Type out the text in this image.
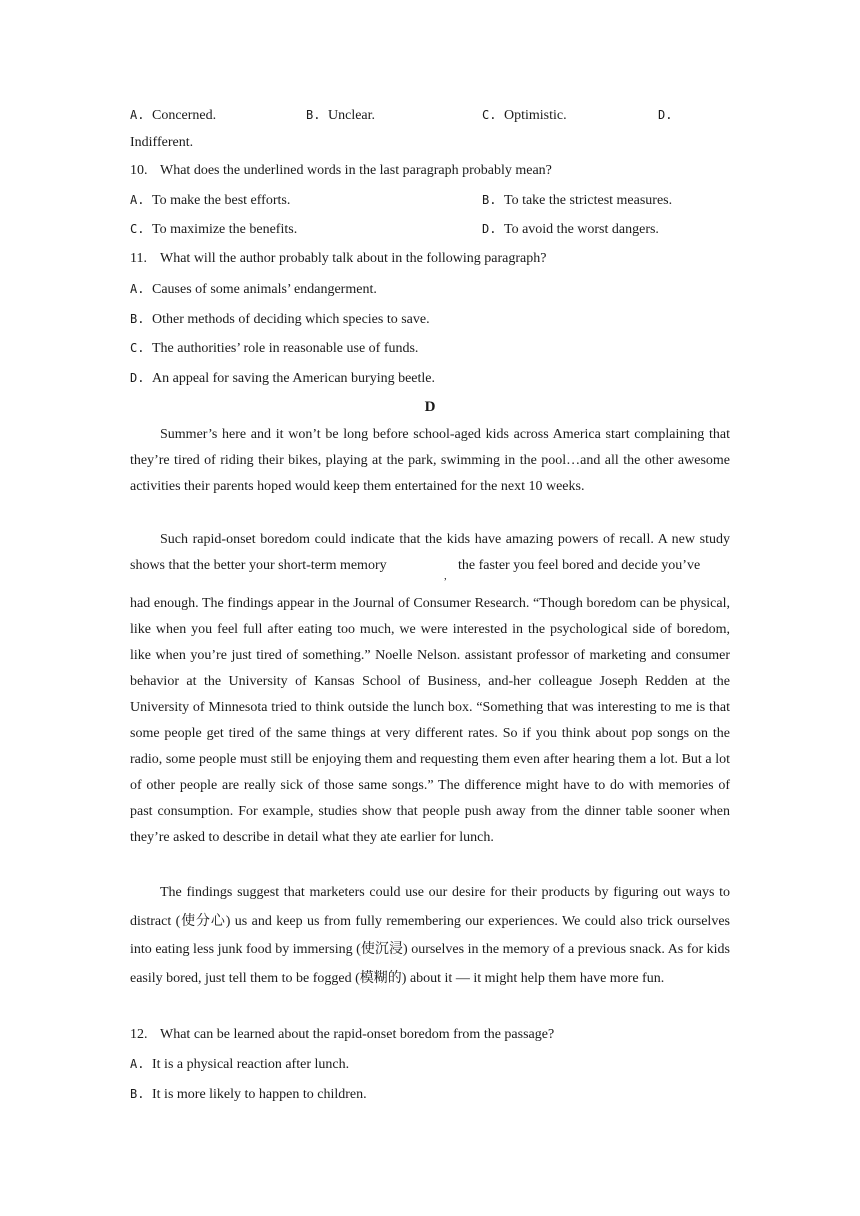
A. Concerned.	B. Unclear.	C. Optimistic.	D.
Indifferent.
10. What does the underlined words in the last paragraph probably mean?
A. To make the best efforts.	B. To take the strictest measures.
C. To maximize the benefits.	D. To avoid the worst dangers.
11. What will the author probably talk about in the following paragraph?
A. Causes of some animals’ endangerment.
B. Other methods of deciding which species to save.
C. The authorities’ role in reasonable use of funds.
D. An appeal for saving the American burying beetle.
D

Summer’s here and it won’t be long before school-aged kids across America start complaining that they’re tired of riding their bikes, playing at the park, swimming in the pool…and all the other awesome activities their parents hoped would keep them entertained for the next 10 weeks.

Such rapid-onset boredom could indicate that the kids have amazing powers of recall. A new study shows that the better your short-term memory

,
the faster you feel bored and decide you’ve

had enough. The findings appear in the Journal of Consumer Research. “Though boredom can be physical, like when you feel full after eating too much, we were interested in the psychological side of boredom, like when you’re just tired of something.” Noelle Nelson. assistant professor of marketing and consumer behavior at the University of Kansas School of Business, and-her colleague Joseph Redden at the University of Minnesota tried to think outside the lunch box. “Something that was interesting to me is that some people get tired of the same things at very different rates. So if you think about pop songs on the radio, some people must still be enjoying them and requesting them even after hearing them a lot. But a lot of other people are really sick of those same songs.” The difference might have to do with memories of past consumption. For example, studies show that people push away from the dinner table sooner when they’re asked to describe in detail what they ate earlier for lunch.

The findings suggest that marketers could use our desire for their products by figuring out ways to distract (使分心) us and keep us from fully remembering our experiences. We could also trick ourselves into eating less junk food by immersing (使沉浸) ourselves in the memory of a previous snack. As for kids easily bored, just tell them to be fogged (模糊的) about it — it might help them have more fun.

12. What can be learned about the rapid-onset boredom from the passage?
A. It is a physical reaction after lunch.
B. It is more likely to happen to children.
